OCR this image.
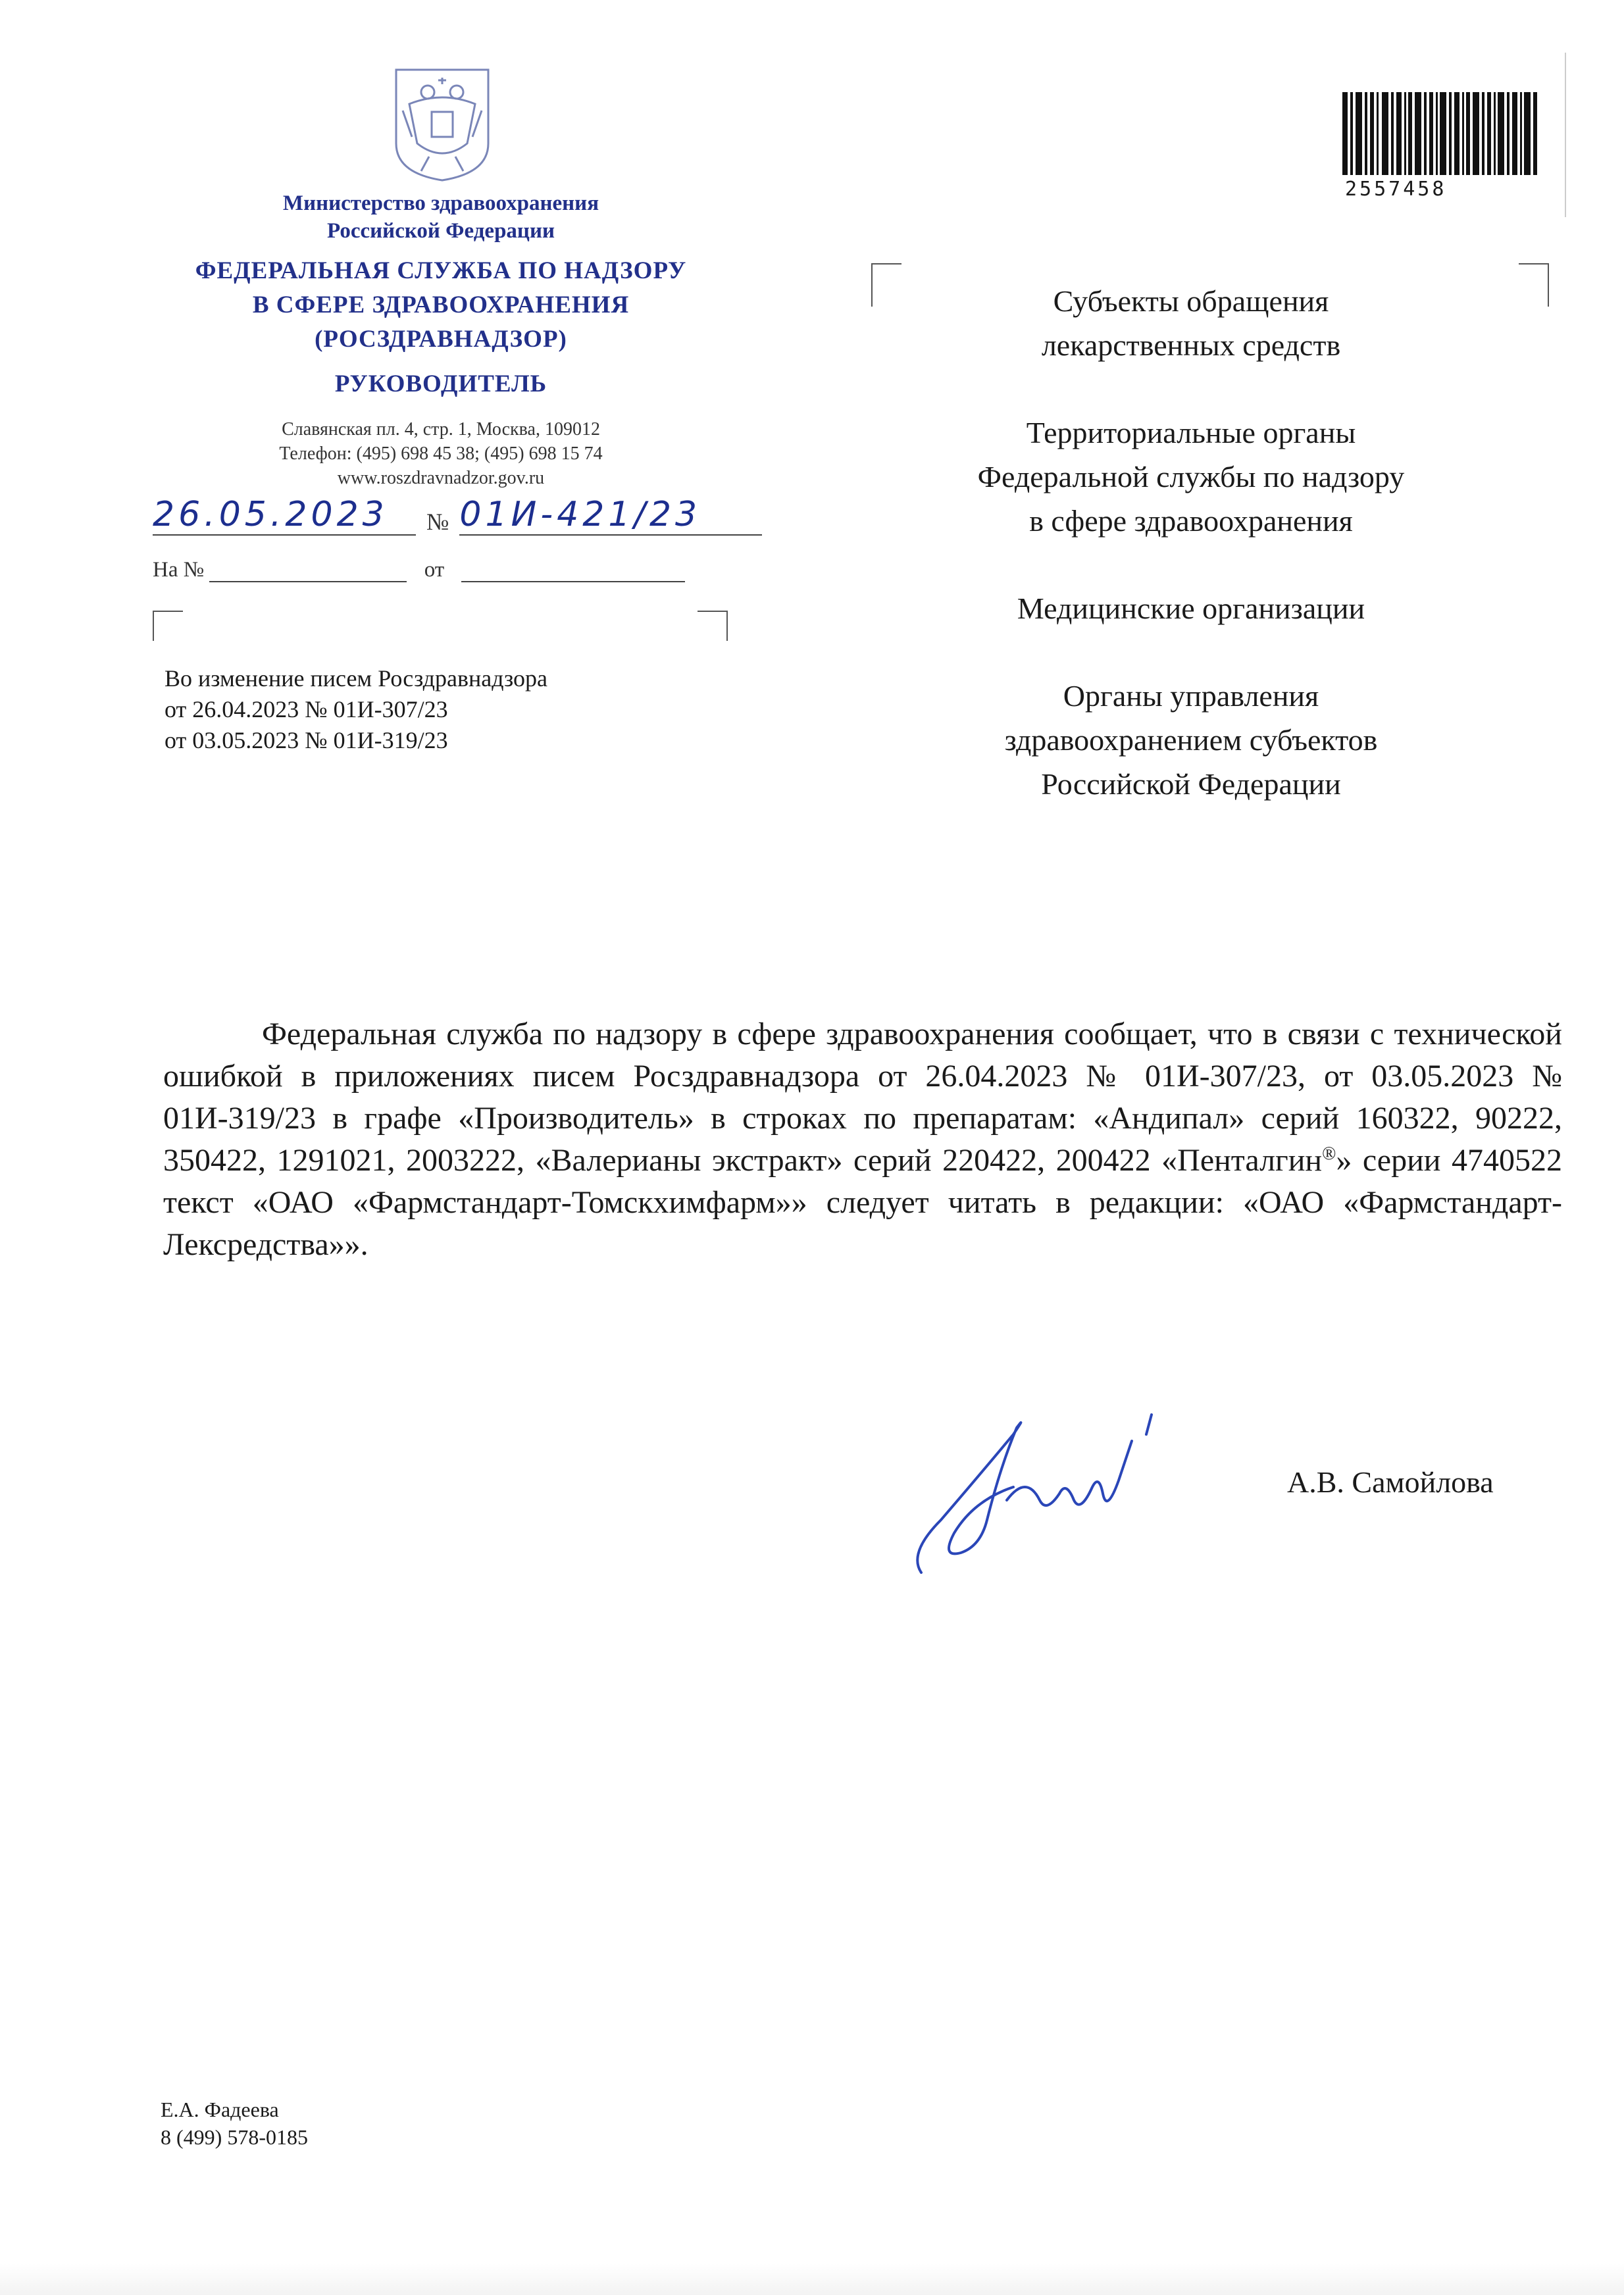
Министерство здравоохранения
Российской Федерации
ФЕДЕРАЛЬНАЯ СЛУЖБА ПО НАДЗОРУ
В СФЕРЕ ЗДРАВООХРАНЕНИЯ
(РОСЗДРАВНАДЗОР)
РУКОВОДИТЕЛЬ
Славянская пл. 4, стр. 1, Москва, 109012
Телефон: (495) 698 45 38; (495) 698 15 74
www.roszdravnadzor.gov.ru
26.05.2023 № 01И-421/23
На №	от
Во изменение писем Росздравнадзора
от 26.04.2023 № 01И-307/23
от 03.05.2023 № 01И-319/23
2557458

Субъекты обращения
лекарственных средств

Территориальные органы
Федеральной службы по надзору
в сфере здравоохранения

Медицинские организации

Органы управления
здравоохранением субъектов
Российской Федерации

Федеральная служба по надзору в сфере здравоохранения сообщает, что в связи с технической ошибкой в приложениях писем Росздравнадзора от 26.04.2023 № 01И-307/23, от 03.05.2023 № 01И-319/23 в графе «Производитель» в строках по препаратам: «Андипал» серий 160322, 90222, 350422, 1291021, 2003222, «Валерианы экстракт» серий 220422, 200422 «Пенталгин®» серии 4740522 текст «ОАО «Фармстандарт-Томскхимфарм»» следует читать в редакции: «ОАО «Фармстандарт-Лексредства»».
А.В. Самойлова
Е.А. Фадеева
8 (499) 578-0185
